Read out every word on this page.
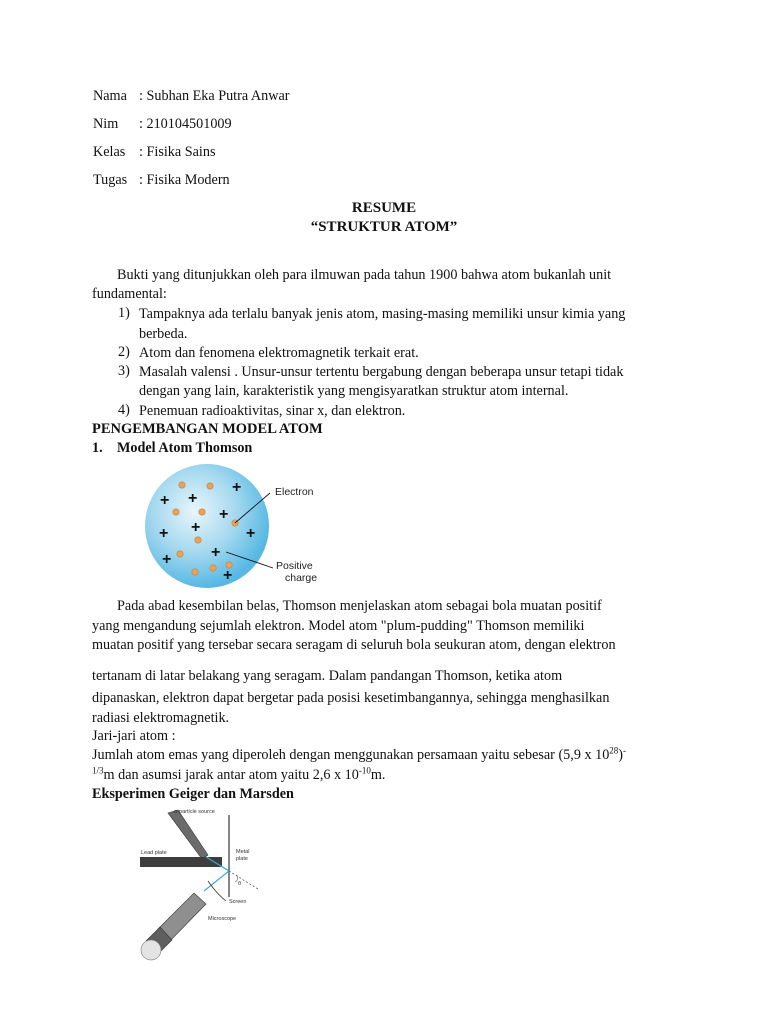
Nama : Subhan Eka Putra Anwar
Nim	: 210104501009
Kelas : Fisika Sains
Tugas : Fisika Modern
RESUME
“STRUKTUR ATOM”
Bukti yang ditunjukkan oleh para ilmuwan pada tahun 1900 bahwa atom bukanlah unit
fundamental:
1) Tampaknya ada terlalu banyak jenis atom, masing-masing memiliki unsur kimia yang
berbeda.
2) Atom dan fenomena elektromagnetik terkait erat.
3) Masalah valensi . Unsur-unsur tertentu bergabung dengan beberapa unsur tetapi tidak
dengan yang lain, karakteristik yang mengisyaratkan struktur atom internal.
4) Penemuan radioaktivitas, sinar x, dan elektron.
PENGEMBANGAN MODEL ATOM
1. Model Atom Thomson
+ +
+
+
+ +	+
+ +
+
Electron
Positive
charge
Pada abad kesembilan belas, Thomson menjelaskan atom sebagai bola muatan positif
yang mengandung sejumlah elektron. Model atom "plum-pudding" Thomson memiliki
muatan positif yang tersebar secara seragam di seluruh bola seukuran atom, dengan elektron
tertanam di latar belakang yang seragam. Dalam pandangan Thomson, ketika atom
dipanaskan, elektron dapat bergetar pada posisi kesetimbangannya, sehingga menghasilkan
radiasi elektromagnetik.
Jari-jari atom :
Jumlah atom emas yang diperoleh dengan menggunakan persamaan yaitu sebesar (5,9 x $10^{28})^-$
$^{1/3}$m dan asumsi jarak antar atom yaitu 2,6 x $10^{-10}m$.
Eksperimen Geiger dan Marsden
α-particle source
Lead plate	Metal
plate
θ
Screen
Microscope
